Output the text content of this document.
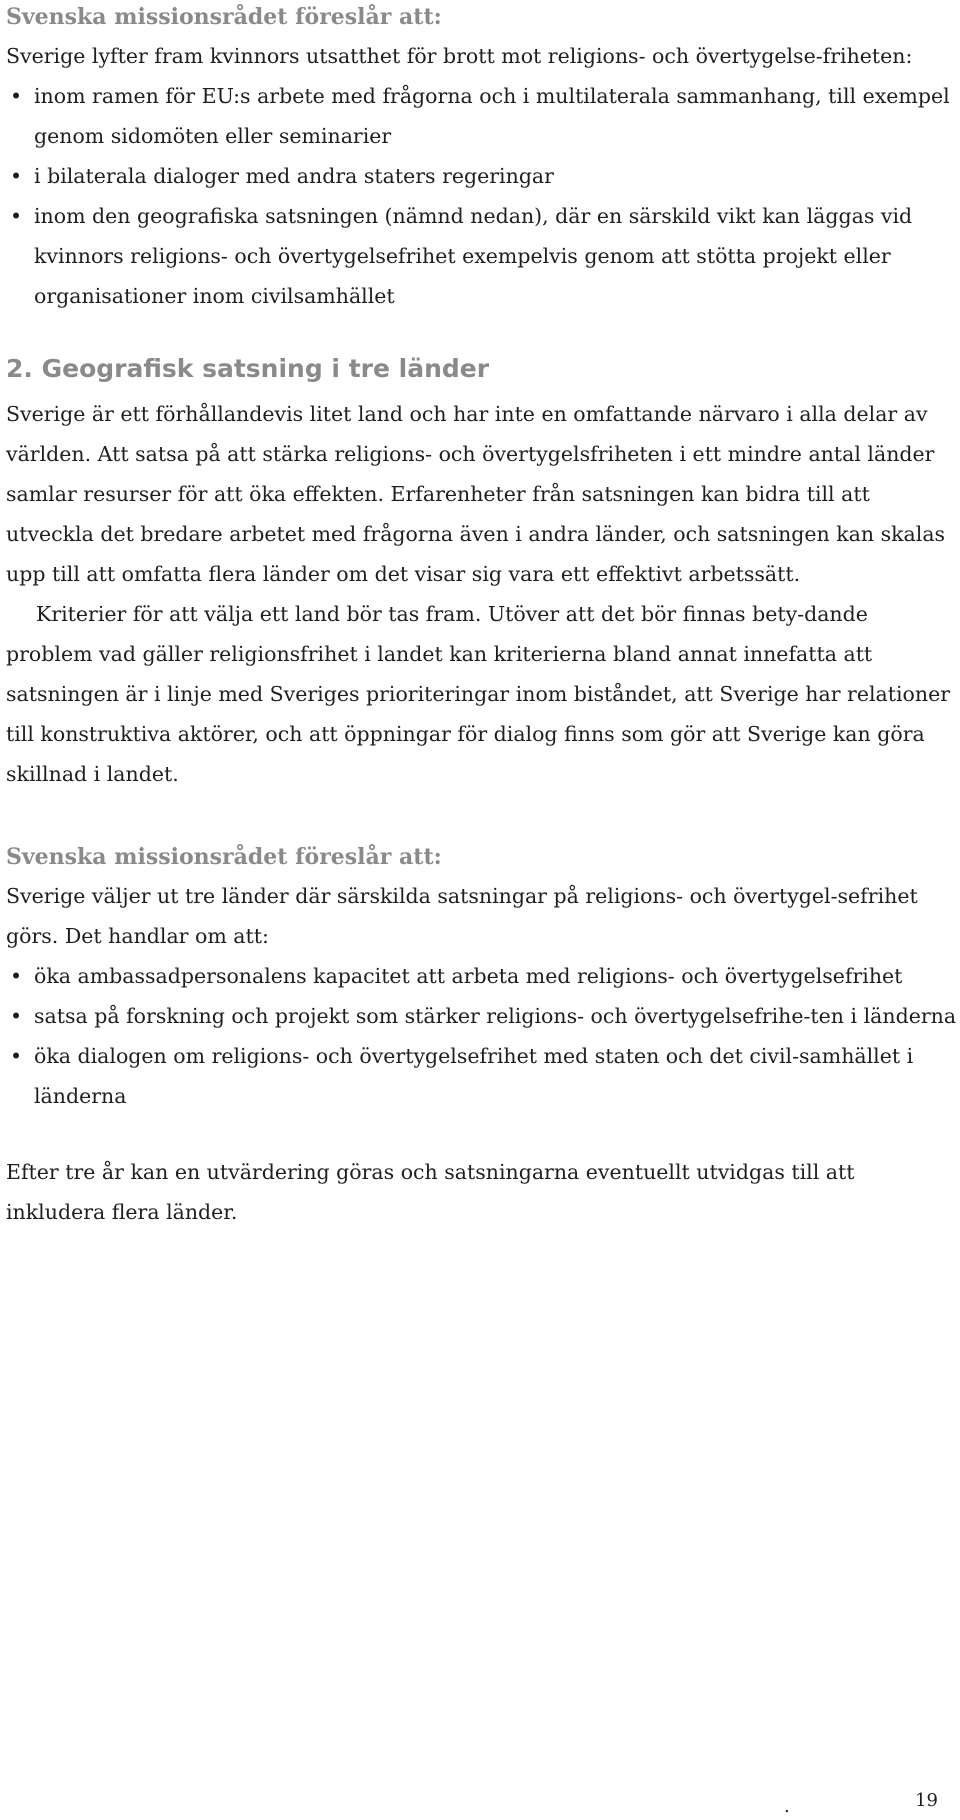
Svenska missionsrådet föreslår att:

Sverige lyfter fram kvinnors utsatthet för brott mot religions- och övertygelse-friheten:

• inom ramen för EU:s arbete med frågorna och i multilaterala sammanhang, till exempel genom sidomöten eller seminarier
• i bilaterala dialoger med andra staters regeringar
• inom den geografiska satsningen (nämnd nedan), där en särskild vikt kan läggas vid kvinnors religions- och övertygelsefrihet exempelvis genom att stötta projekt eller organisationer inom civilsamhället
2. Geografisk satsning i tre länder

Sverige är ett förhållandevis litet land och har inte en omfattande närvaro i alla delar av världen. Att satsa på att stärka religions- och övertygelsfriheten i ett mindre antal länder samlar resurser för att öka effekten. Erfarenheter från satsningen kan bidra till att utveckla det bredare arbetet med frågorna även i andra länder, och satsningen kan skalas upp till att omfatta flera länder om det visar sig vara ett effektivt arbetssätt.

Kriterier för att välja ett land bör tas fram. Utöver att det bör finnas bety-dande problem vad gäller religionsfrihet i landet kan kriterierna bland annat innefatta att satsningen är i linje med Sveriges prioriteringar inom biståndet, att Sverige har relationer till konstruktiva aktörer, och att öppningar för dialog finns som gör att Sverige kan göra skillnad i landet.

Svenska missionsrådet föreslår att:

Sverige väljer ut tre länder där särskilda satsningar på religions- och övertygel-sefrihet görs. Det handlar om att:

• öka ambassadpersonalens kapacitet att arbeta med religions- och övertygelsefrihet
• satsa på forskning och projekt som stärker religions- och övertygelsefrihe-ten i länderna
• öka dialogen om religions- och övertygelsefrihet med staten och det civil-samhället i länderna

Efter tre år kan en utvärdering göras och satsningarna eventuellt utvidgas till att inkludera flera länder.

.	19
